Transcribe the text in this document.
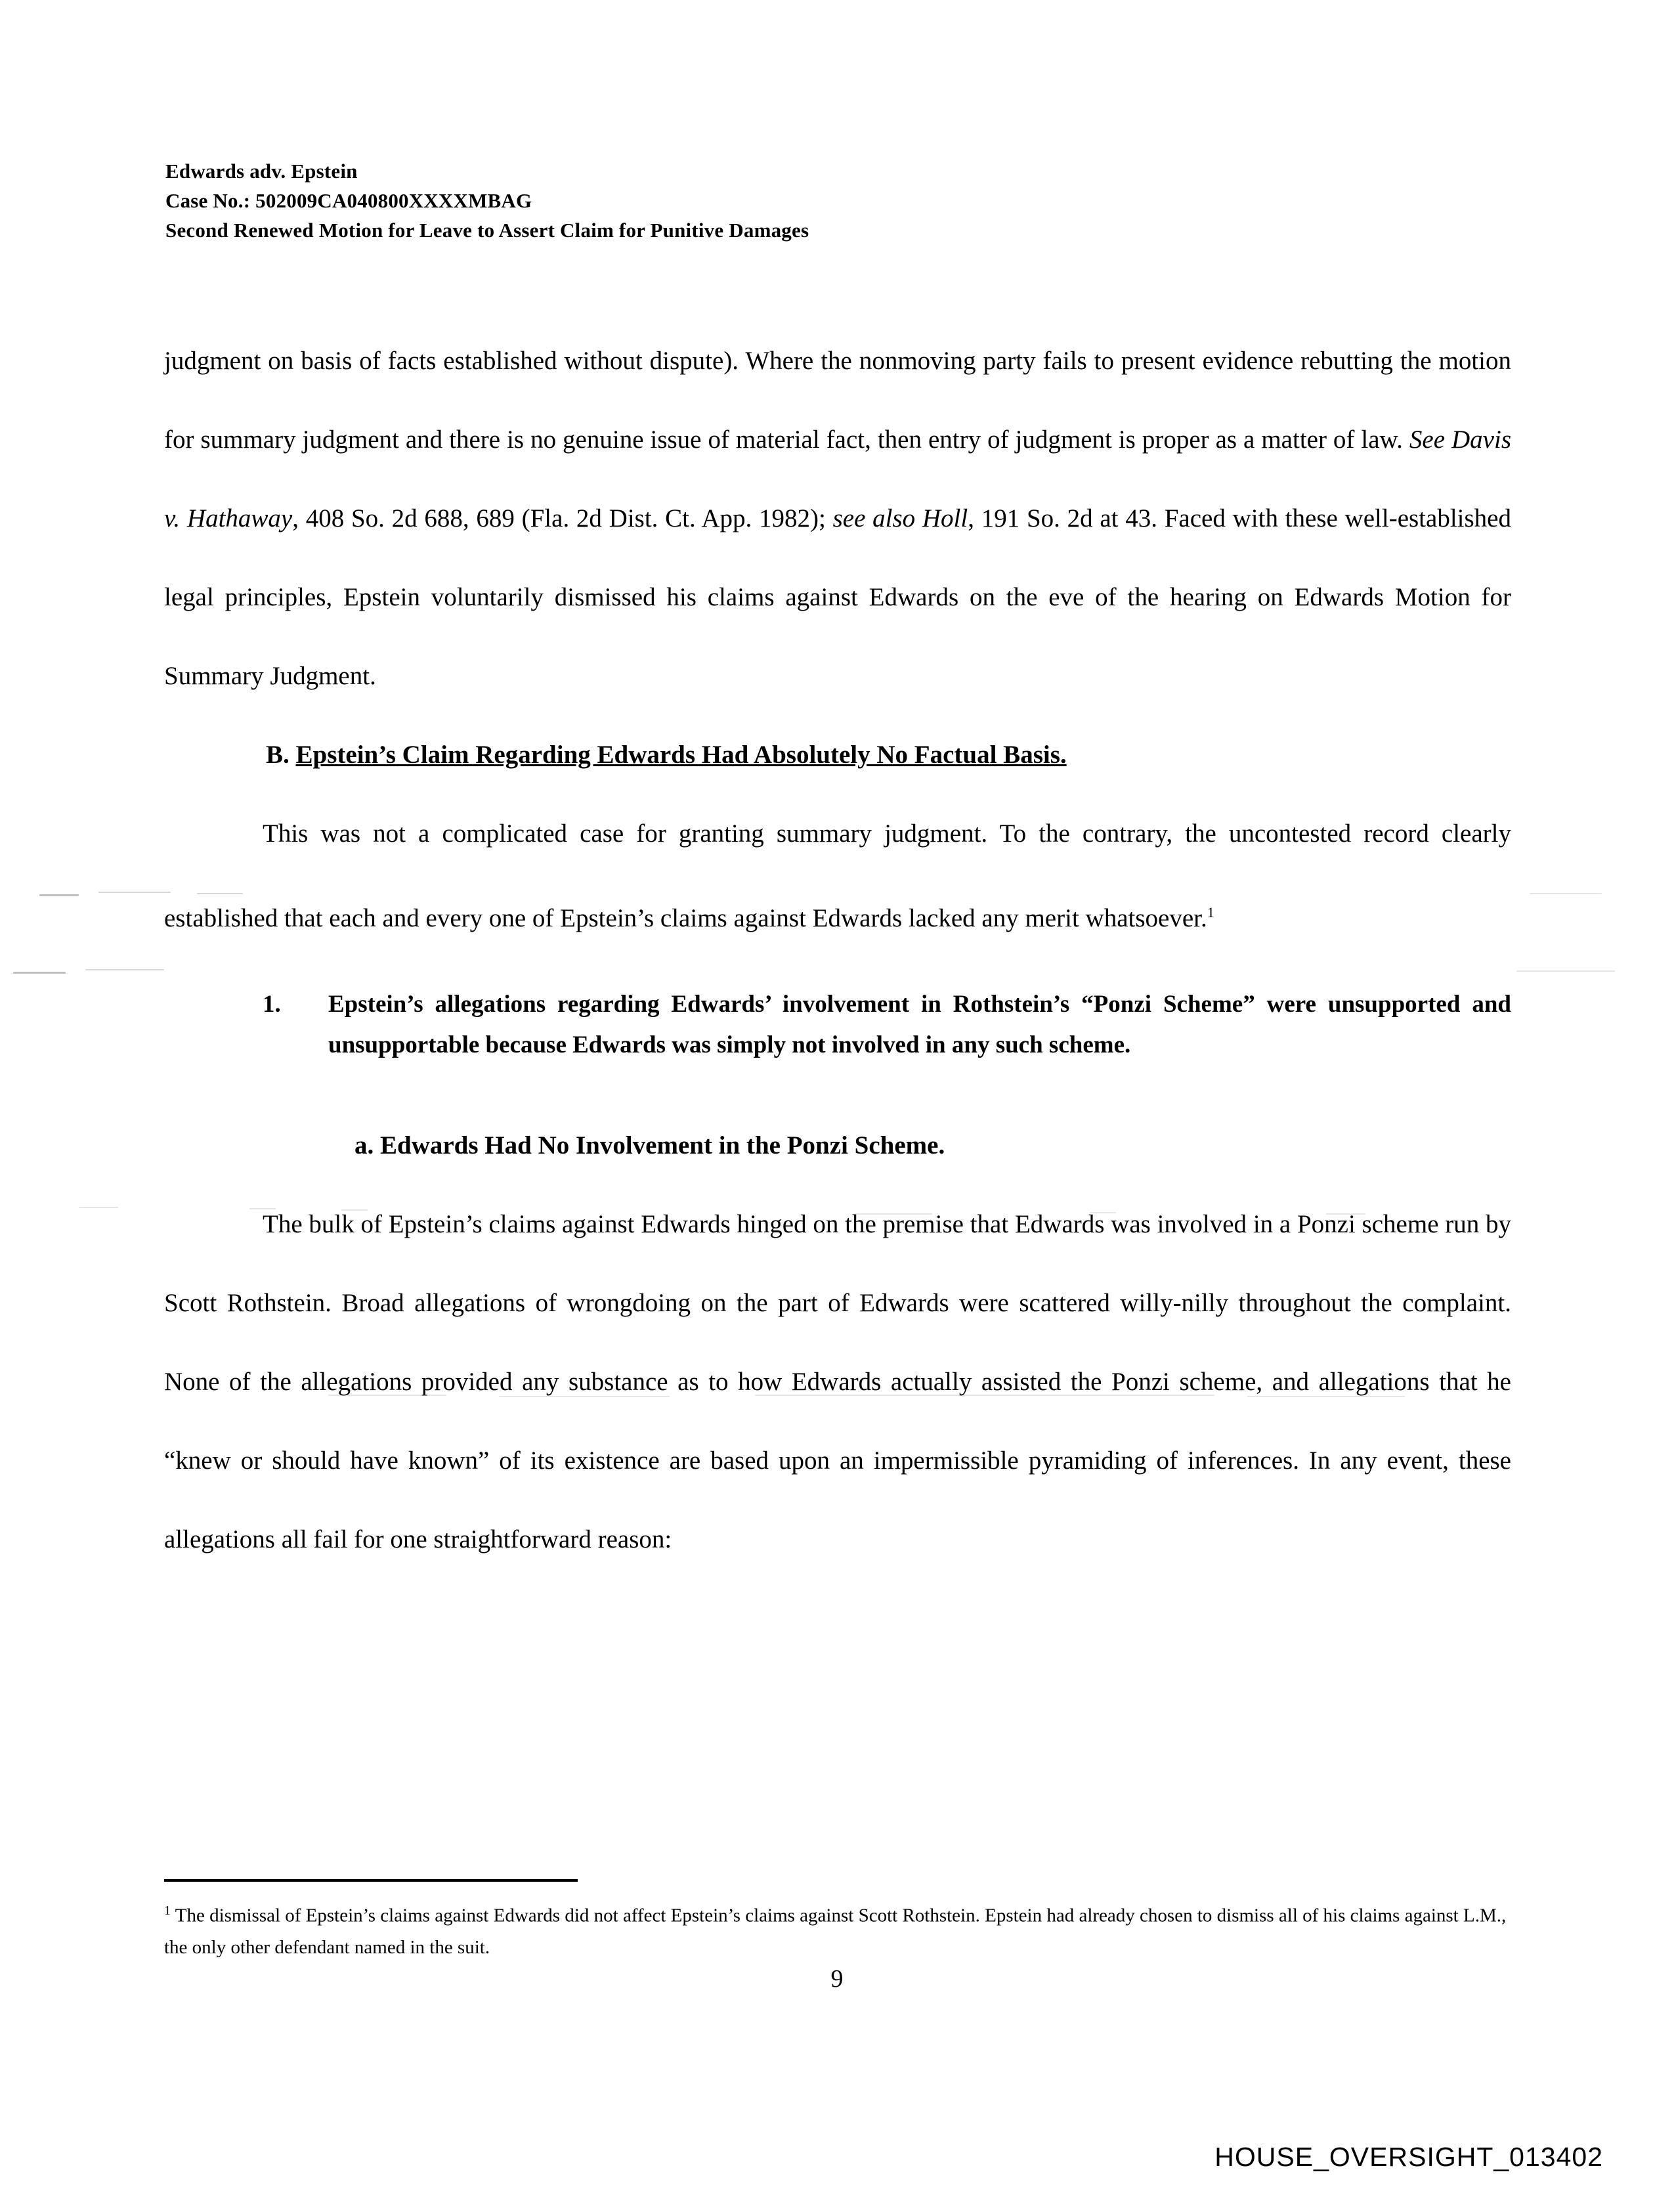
Edwards adv. Epstein
Case No.: 502009CA040800XXXXMBAG
Second Renewed Motion for Leave to Assert Claim for Punitive Damages

judgment on basis of facts established without dispute). Where the nonmoving party fails to present evidence rebutting the motion for summary judgment and there is no genuine issue of material fact, then entry of judgment is proper as a matter of law. See Davis v. Hathaway, 408 So. 2d 688, 689 (Fla. 2d Dist. Ct. App. 1982); see also Holl, 191 So. 2d at 43. Faced with these well-established legal principles, Epstein voluntarily dismissed his claims against Edwards on the eve of the hearing on Edwards Motion for Summary Judgment.

B. Epstein’s Claim Regarding Edwards Had Absolutely No Factual Basis.

This was not a complicated case for granting summary judgment. To the contrary, the uncontested record clearly established that each and every one of Epstein’s claims against Edwards lacked any merit whatsoever.$^1$

1.	Epstein’s allegations regarding Edwards’ involvement in Rothstein’s “Ponzi Scheme” were unsupported and unsupportable because Edwards was simply not involved in any such scheme.
a. Edwards Had No Involvement in the Ponzi Scheme.

The bulk of Epstein’s claims against Edwards hinged on the premise that Edwards was involved in a Ponzi scheme run by Scott Rothstein. Broad allegations of wrongdoing on the part of Edwards were scattered willy-nilly throughout the complaint. None of the allegations provided any substance as to how Edwards actually assisted the Ponzi scheme, and allegations that he “knew or should have known” of its existence are based upon an impermissible pyramiding of inferences. In any event, these allegations all fail for one straightforward reason:

$^1$ The dismissal of Epstein’s claims against Edwards did not affect Epstein’s claims against Scott Rothstein. Epstein had already chosen to dismiss all of his claims against L.M., the only other defendant named in the suit.
9
HOUSE_OVERSIGHT_013402
